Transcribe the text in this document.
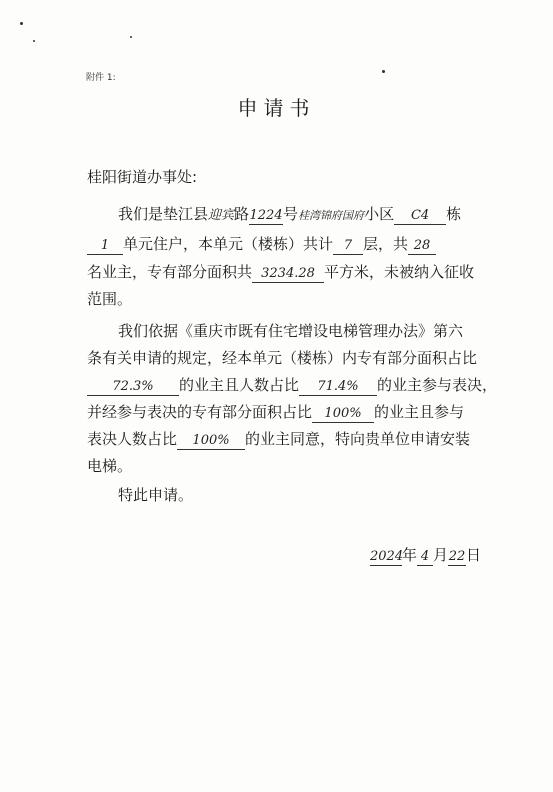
附件 1:
申请书
桂阳街道办事处:
我们是垫江县迎宾路1224号桂湾锦府国府小区 C4 栋
1 单元住户，本单元（楼栋）共计 7 层，共 28
名业主，专有部分面积共 3234.28 平方米，未被纳入征收
范围。
我们依据《重庆市既有住宅增设电梯管理办法》第六
条有关申请的规定，经本单元（楼栋）内专有部分面积占比
72.3% 的业主且人数占比 71.4% 的业主参与表决，
并经参与表决的专有部分面积占比 100% 的业主且参与
表决人数占比 100% 的业主同意，特向贵单位申请安装
电梯。
特此申请。
2024年 4 月22日
